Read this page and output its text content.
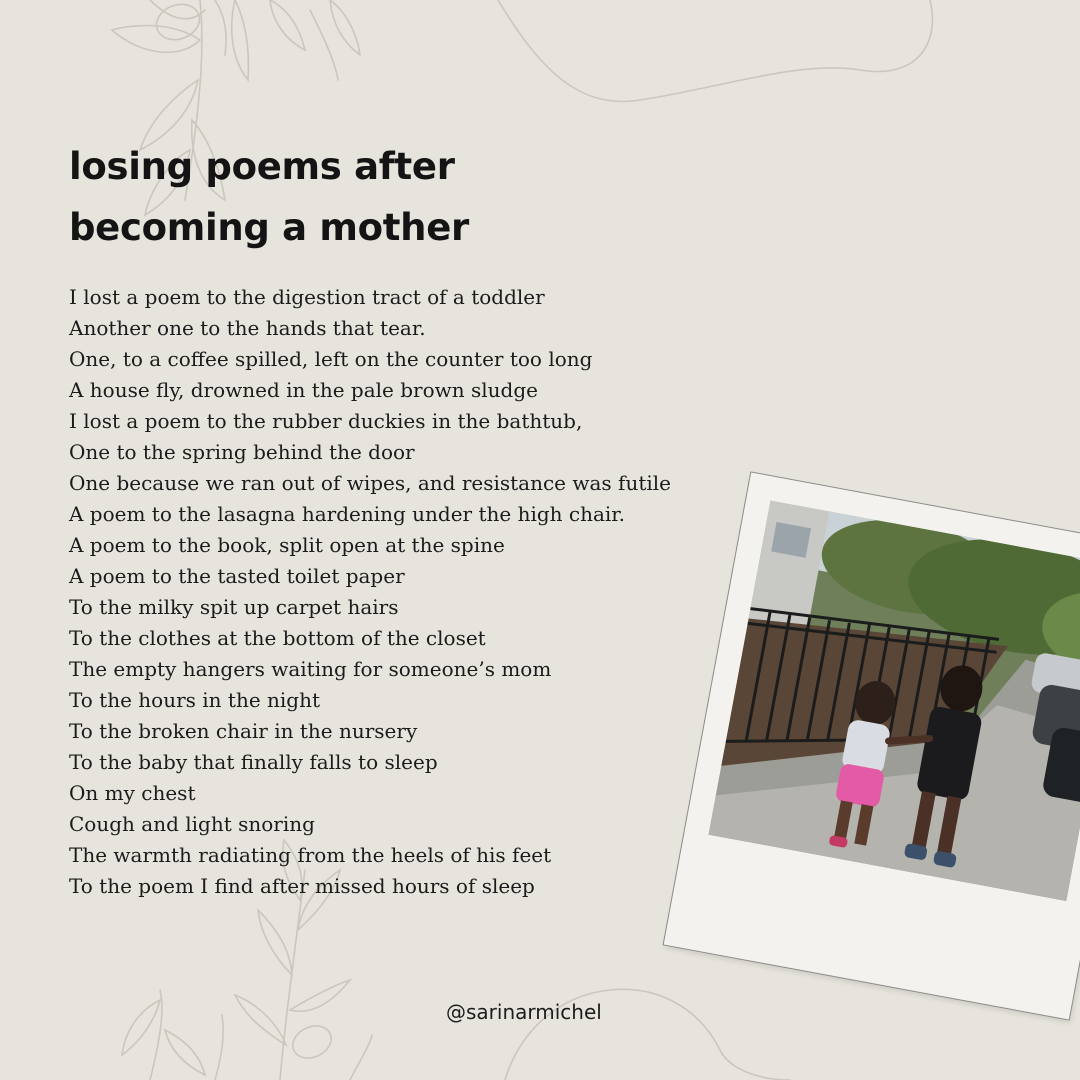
losing poems after
becoming a mother
I lost a poem to the digestion tract of a toddler
Another one to the hands that tear.
One, to a coffee spilled, left on the counter too long
A house fly, drowned in the pale brown sludge
I lost a poem to the rubber duckies in the bathtub,
One to the spring behind the door
One because we ran out of wipes, and resistance was futile
A poem to the lasagna hardening under the high chair.
A poem to the book, split open at the spine
A poem to the tasted toilet paper
To the milky spit up carpet hairs
To the clothes at the bottom of the closet
The empty hangers waiting for someone’s mom
To the hours in the night
To the broken chair in the nursery
To the baby that finally falls to sleep
On my chest
Cough and light snoring
The warmth radiating from the heels of his feet
To the poem I find after missed hours of sleep

@sarinarmichel
